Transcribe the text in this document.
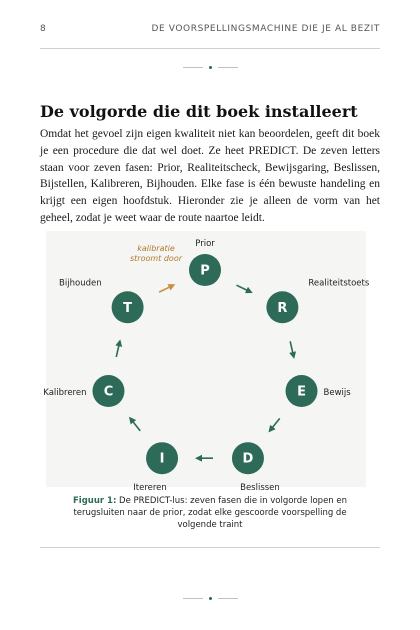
8	DE VOORSPELLINGSMACHINE DIE JE AL BEZIT
De volgorde die dit boek installeert

Omdat het gevoel zijn eigen kwaliteit niet kan beoordelen, geeft dit boek je een procedure die dat wel doet. Ze heet PREDICT. De zeven letters staan voor zeven fasen: Prior, Realiteitscheck, Bewijsgaring, Beslissen, Bijstellen, Kalibreren, Bijhouden. Elke fase is één bewuste handeling en krijgt een eigen hoofdstuk. Hieronder zie je alleen de vorm van het geheel, zodat je weet waar de route naartoe leidt.

P
R
E
D
I
C
T
Prior
Realiteitstoets
Bewijs
Beslissen
Itereren
Kalibreren
Bijhouden
kalibratie
stroomt door

Figuur 1: De PREDICT-lus: zeven fasen die in volgorde lopen en terugsluiten naar de prior, zodat elke gescoorde voorspelling de volgende traint
